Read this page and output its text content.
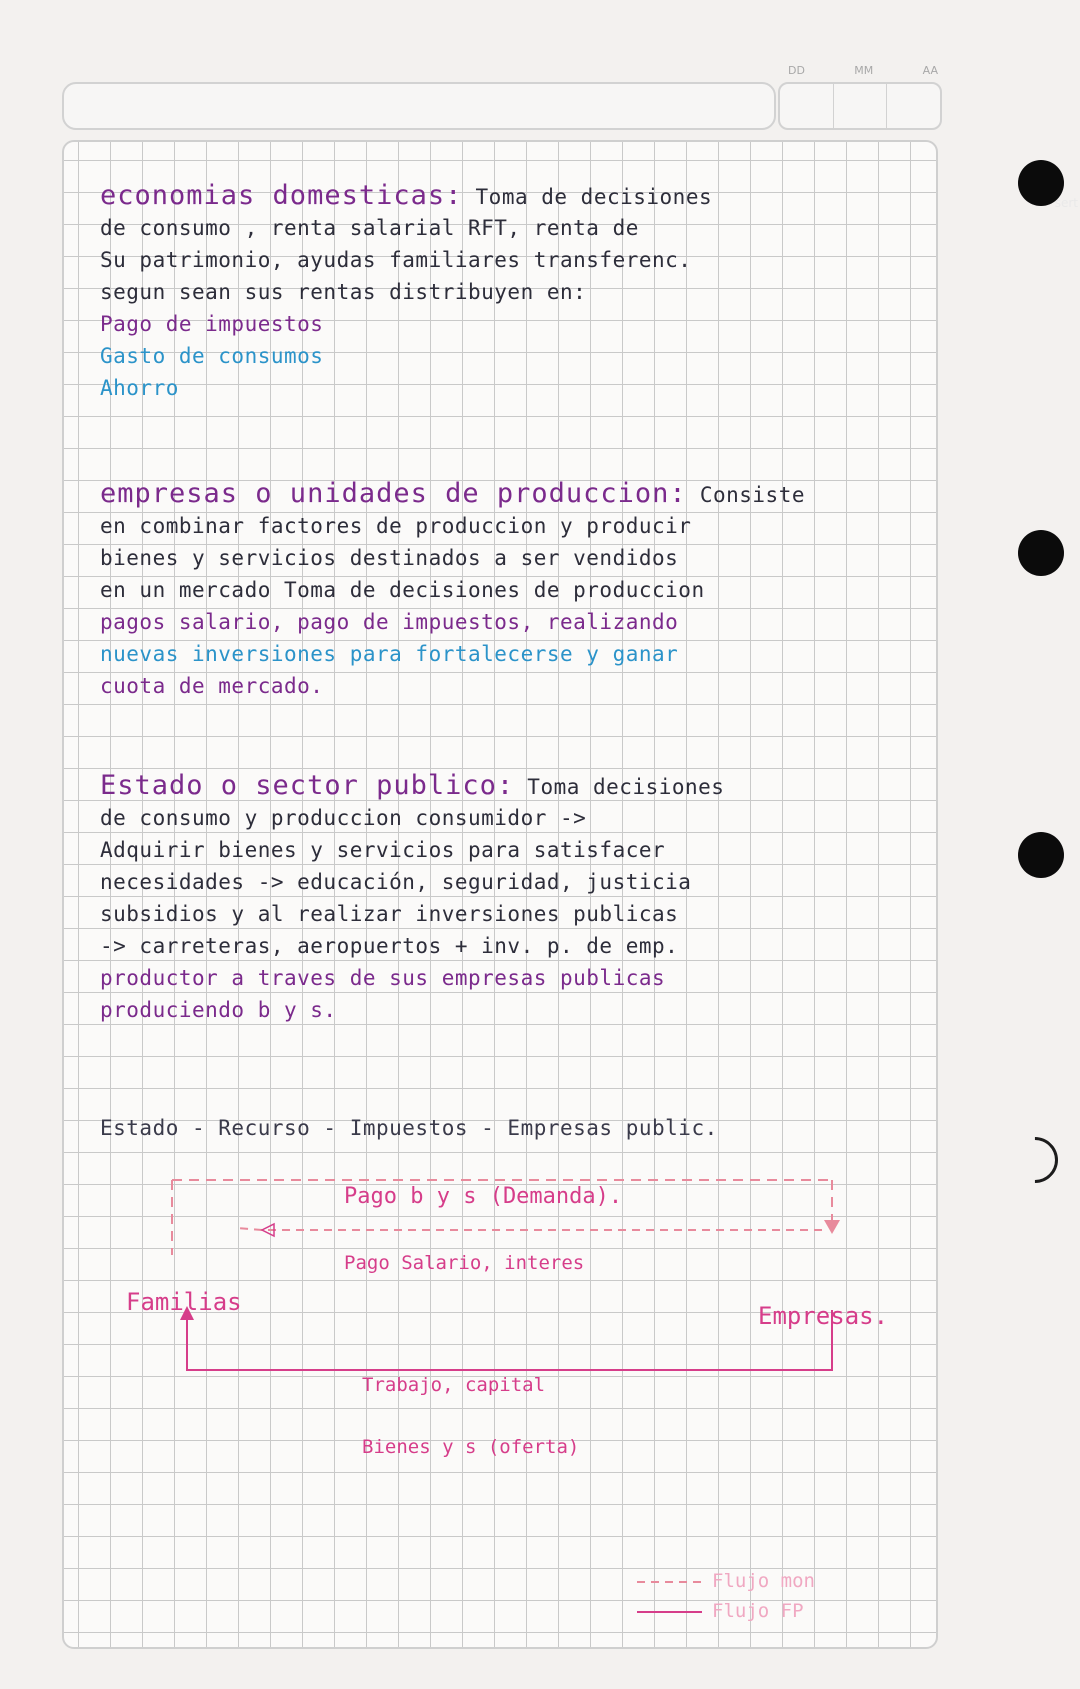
DD	MM	AA
sert
economias domesticas: Toma de decisiones
de consumo , renta salarial RFT, renta de
Su patrimonio, ayudas familiares transferenc.
segun sean sus rentas distribuyen en:
Pago de impuestos
Gasto de consumos
Ahorro
empresas o unidades de produccion: Consiste
en combinar factores de produccion y producir
bienes y servicios destinados a ser vendidos
en un mercado Toma de decisiones de produccion
pagos salario, pago de impuestos, realizando
nuevas inversiones para fortalecerse y ganar
cuota de mercado.
Estado o sector publico: Toma decisiones
de consumo y produccion consumidor ->
Adquirir bienes y servicios para satisfacer
necesidades -> educación, seguridad, justicia
subsidios y al realizar inversiones publicas
-> carreteras, aeropuertos + inv. p. de emp.
productor a traves de sus empresas publicas
produciendo b y s.
Estado - Recurso - Impuestos - Empresas public.
Familias	Empresas.
Pago b y s (Demanda).
Pago Salario, interes
Trabajo, capital
Bienes y s (oferta)
Flujo mon
Flujo FP
